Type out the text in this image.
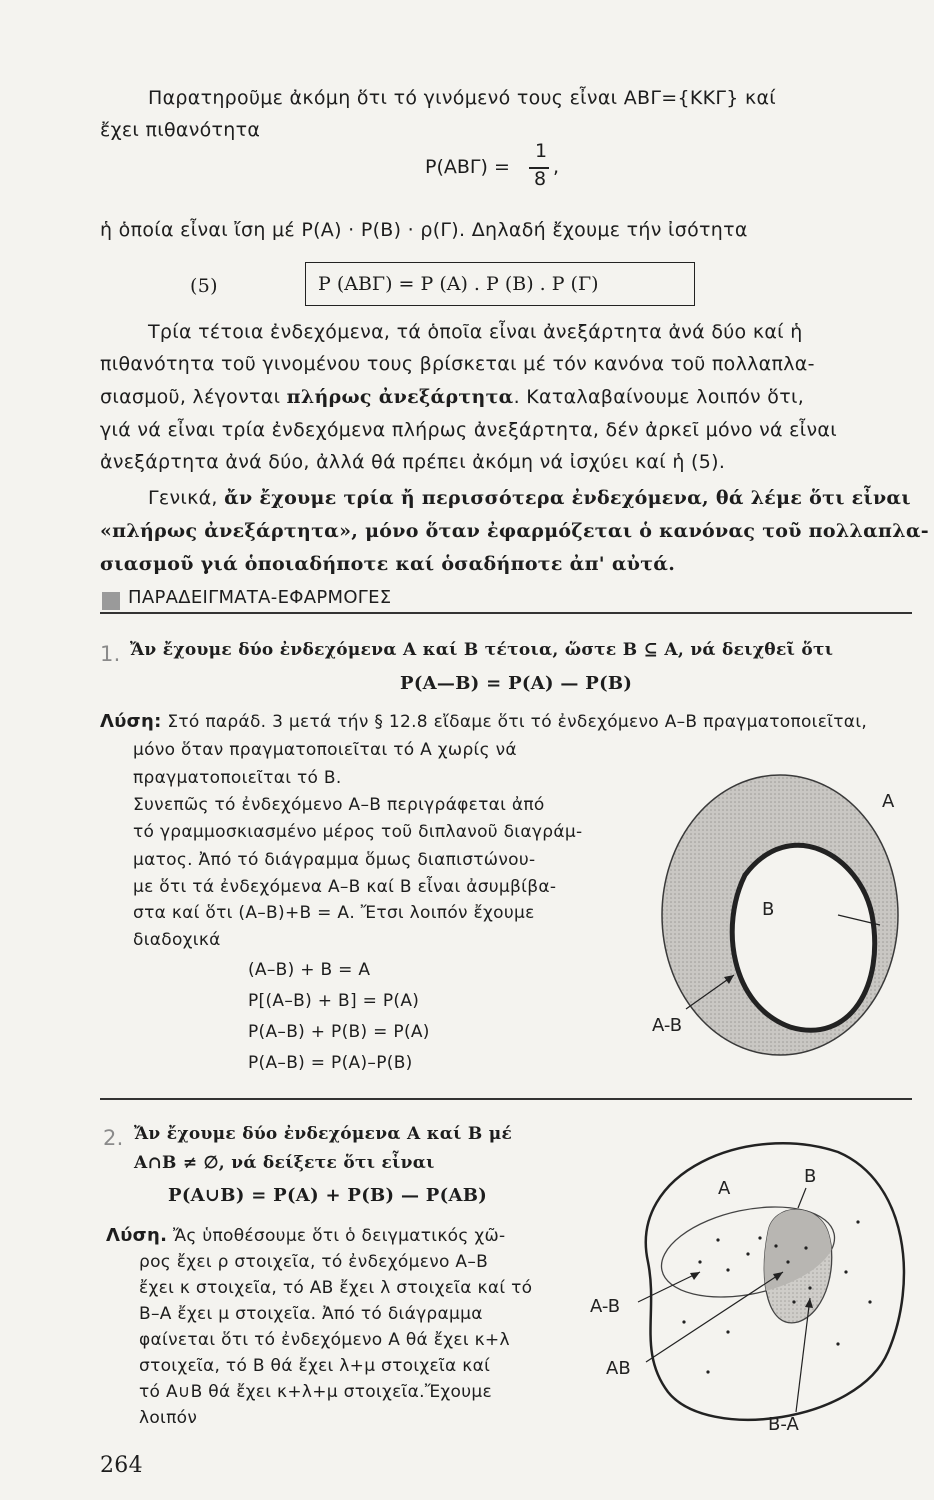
Παρατηροῦμε ἀκόμη ὅτι τό γινόμενό τους εἶναι ΑΒΓ={ΚΚΓ} καί

ἔχει πιθανότητα

P(ΑΒΓ) =
1
8
,

ἡ ὁποία εἶναι ἴση μέ P(Α) · P(Β) · ρ(Γ). Δηλαδή ἔχουμε τήν ἰσότητα

(5)	P (ΑΒΓ) = P (Α) . P (Β) . P (Γ)

Τρία τέτοια ἐνδεχόμενα, τά ὁποῖα εἶναι ἀνεξάρτητα ἀνά δύο καί ἡ

πιθανότητα τοῦ γινομένου τους βρίσκεται μέ τόν κανόνα τοῦ πολλαπλα-

σιασμοῦ, λέγονται πλήρως ἀνεξάρτητα. Καταλαβαίνουμε λοιπόν ὅτι,

γιά νά εἶναι τρία ἐνδεχόμενα πλήρως ἀνεξάρτητα, δέν ἀρκεῖ μόνο νά εἶναι

ἀνεξάρτητα ἀνά δύο, ἀλλά θά πρέπει ἀκόμη νά ἰσχύει καί ἡ (5).

Γενικά, ἄν ἔχουμε τρία ἤ περισσότερα ἐνδεχόμενα, θά λέμε ὅτι εἶναι

«πλήρως ἀνεξάρτητα», μόνο ὅταν ἐφαρμόζεται ὁ κανόνας τοῦ πολλαπλα-

σιασμοῦ γιά ὁποιαδήποτε καί ὁσαδήποτε ἀπ' αὐτά.

ΠΑΡΑΔΕΙΓΜΑΤΑ-ΕΦΑΡΜΟΓΕΣ

1. Ἄν ἔχουμε δύο ἐνδεχόμενα Α καί Β τέτοια, ὥστε Β ⊆ Α, νά δειχθεῖ ὅτι

P(Α—Β) = P(Α) — P(Β)

Λύση: Στό παράδ. 3 μετά τήν § 12.8 εἴδαμε ὅτι τό ἐνδεχόμενο Α–Β πραγματοποιεῖται,

μόνο ὅταν πραγματοποιεῖται τό Α χωρίς νά

πραγματοποιεῖται τό Β.

Συνεπῶς τό ἐνδεχόμενο Α–Β περιγράφεται ἀπό

τό γραμμοσκιασμένο μέρος τοῦ διπλανοῦ διαγράμ-

ματος. Ἀπό τό διάγραμμα ὅμως διαπιστώνου-

με ὅτι τά ἐνδεχόμενα Α–Β καί Β εἶναι ἀσυμβίβα-

στα καί ὅτι (Α–Β)+Β = Α. Ἔτσι λοιπόν ἔχουμε

διαδοχικά

(Α–Β) + Β = Α

P[(Α–Β) + Β] = P(Α)

P(Α–Β) + P(Β) = P(Α)

P(Α–Β) = P(Α)–P(Β)

A
B
A-B
2. Ἄν ἔχουμε δύο ἐνδεχόμενα Α καί Β μέ

Α∩Β ≠ ∅, νά δείξετε ὅτι εἶναι

P(Α∪Β) = P(Α) + P(Β) — P(ΑΒ)

Λύση. Ἄς ὑποθέσουμε ὅτι ὁ δειγματικός χῶ-

ρος ἔχει ρ στοιχεῖα, τό ἐνδεχόμενο Α–Β

ἔχει κ στοιχεῖα, τό ΑΒ ἔχει λ στοιχεῖα καί τό

Β–Α ἔχει μ στοιχεῖα. Ἀπό τό διάγραμμα

φαίνεται ὅτι τό ἐνδεχόμενο Α θά ἔχει κ+λ

στοιχεῖα, τό Β θά ἔχει λ+μ στοιχεῖα καί

τό Α∪Β θά ἔχει κ+λ+μ στοιχεῖα.Ἔχουμε

λοιπόν

A
B
A-B
AB
B-A

264
